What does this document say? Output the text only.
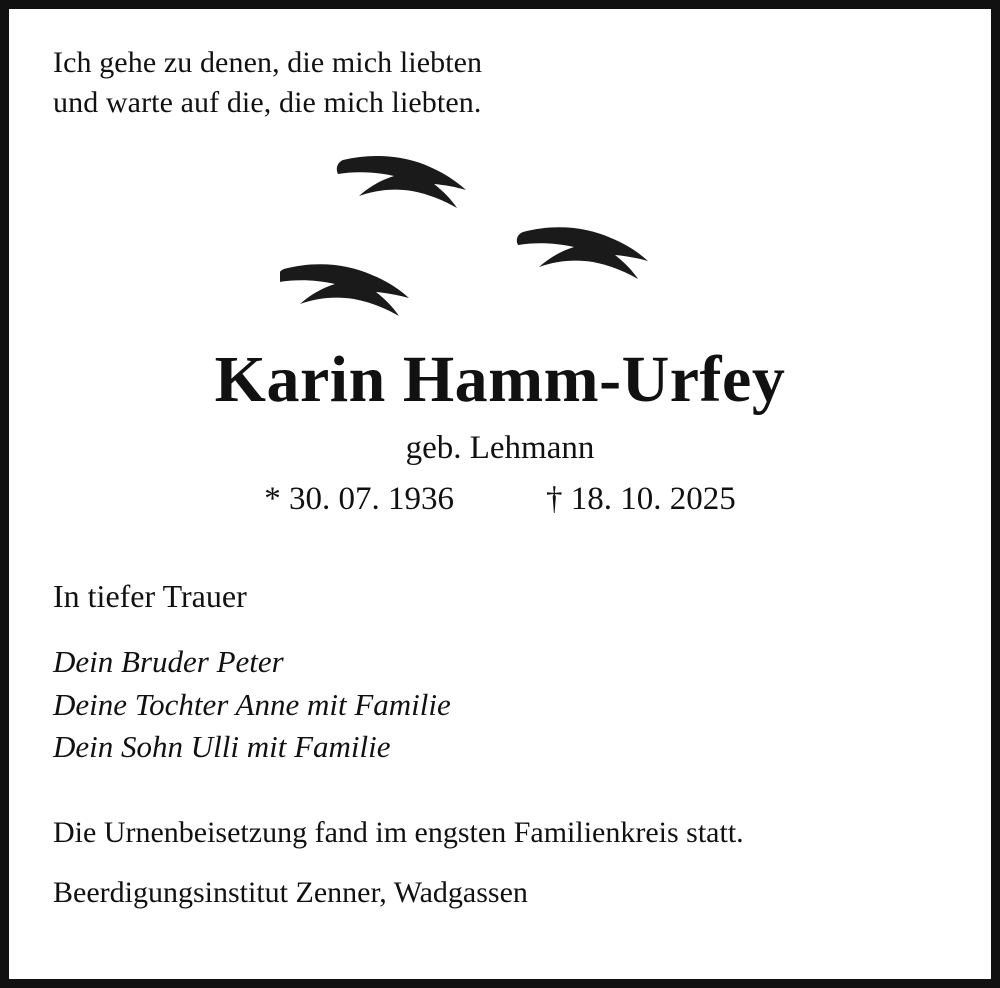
Ich gehe zu denen, die mich liebten
und warte auf die, die mich liebten.
Karin Hamm-Urfey
geb. Lehmann
* 30. 07. 1936	† 18. 10. 2025
In tiefer Trauer
Dein Bruder Peter
Deine Tochter Anne mit Familie
Dein Sohn Ulli mit Familie
Die Urnenbeisetzung fand im engsten Familienkreis statt.
Beerdigungsinstitut Zenner, Wadgassen
